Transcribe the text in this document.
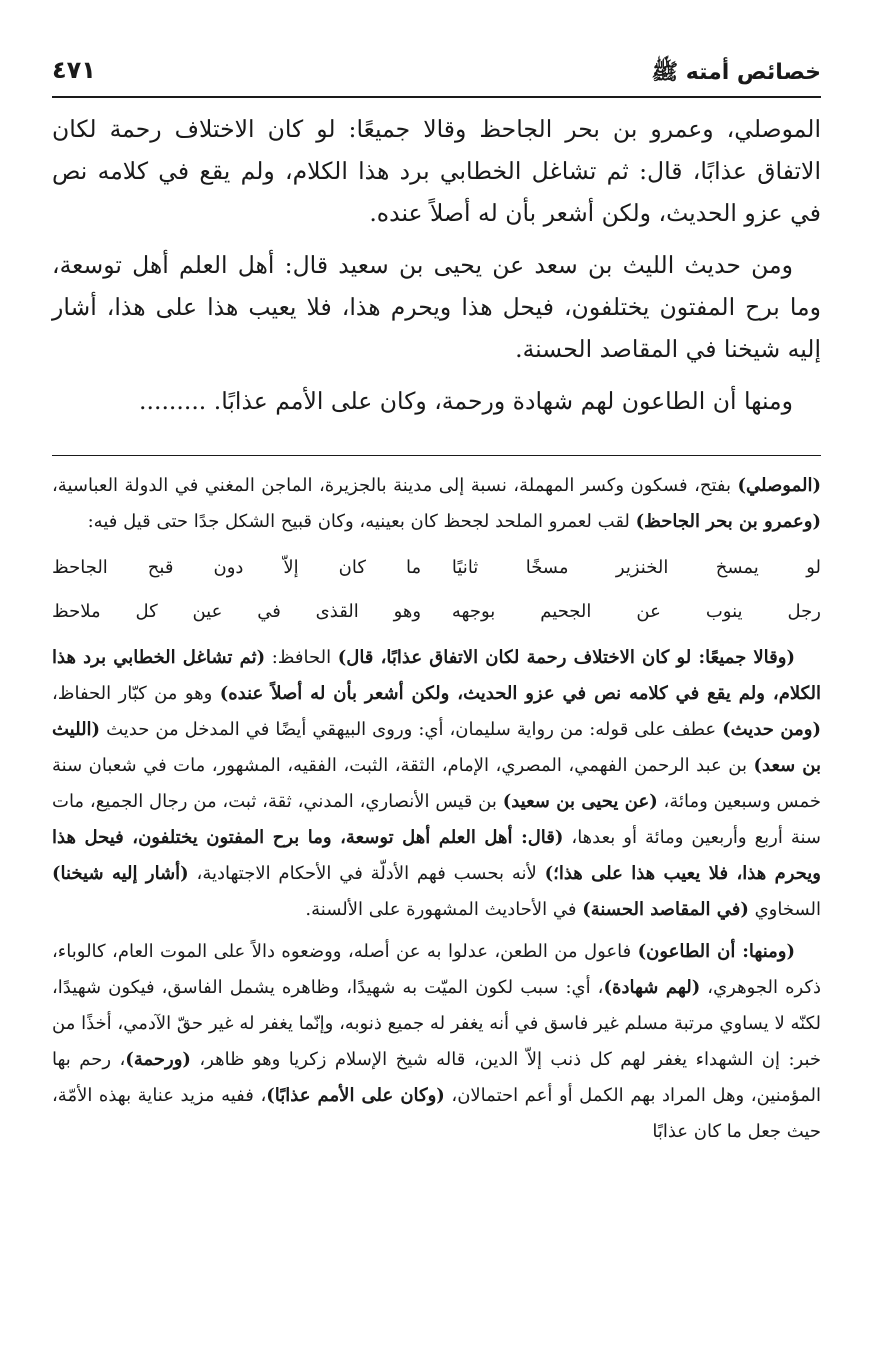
خصائص أمته ﷺ
٤٧١

الموصلي، وعمرو بن بحر الجاحظ وقالا جميعًا: لو كان الاختلاف رحمة لكان الاتفاق عذابًا، قال: ثم تشاغل الخطابي برد هذا الكلام، ولم يقع في كلامه نص في عزو الحديث، ولكن أشعر بأن له أصلاً عنده.

ومن حديث الليث بن سعد عن يحيى بن سعيد قال: أهل العلم أهل توسعة، وما برح المفتون يختلفون، فيحل هذا ويحرم هذا، فلا يعيب هذا على هذا، أشار إليه شيخنا في المقاصد الحسنة.

ومنها أن الطاعون لهم شهادة ورحمة، وكان على الأمم عذابًا. .........

(الموصلي) بفتح، فسكون وكسر المهملة، نسبة إلى مدينة بالجزيرة، الماجن المغني في الدولة العباسية، (وعمرو بن بحر الجاحظ) لقب لعمرو الملحد لجحظ كان بعينيه، وكان قبيح الشكل جدًا حتى قيل فيه:

لو يمسخ الخنزير مسخًا ثانيًا
ما كان إلاّ دون قبح الجاحظ
رجل ينوب عن الجحيم بوجهه
وهو القذى في عين كل ملاحظ

(وقالا جميعًا: لو كان الاختلاف رحمة لكان الاتفاق عذابًا، قال) الحافظ: (ثم تشاغل الخطابي برد هذا الكلام، ولم يقع في كلامه نص في عزو الحديث، ولكن أشعر بأن له أصلاً عنده) وهو من كبّار الحفاظ، (ومن حديث) عطف على قوله: من رواية سليمان، أي: وروى البيهقي أيضًا في المدخل من حديث (الليث بن سعد) بن عبد الرحمن الفهمي، المصري، الإمام، الثقة، الثبت، الفقيه، المشهور، مات في شعبان سنة خمس وسبعين ومائة، (عن يحيى بن سعيد) بن قيس الأنصاري، المدني، ثقة، ثبت، من رجال الجميع، مات سنة أربع وأربعين ومائة أو بعدها، (قال: أهل العلم أهل توسعة، وما برح المفتون يختلفون، فيحل هذا ويحرم هذا، فلا يعيب هذا على هذا؛) لأنه بحسب فهم الأدلّة في الأحكام الاجتهادية، (أشار إليه شيخنا) السخاوي (في المقاصد الحسنة) في الأحاديث المشهورة على الألسنة.

(ومنها: أن الطاعون) فاعول من الطعن، عدلوا به عن أصله، ووضعوه دالاً على الموت العام، كالوباء، ذكره الجوهري، (لهم شهادة)، أي: سبب لكون الميّت به شهيدًا، وظاهره يشمل الفاسق، فيكون شهيدًا، لكنّه لا يساوي مرتبة مسلم غير فاسق في أنه يغفر له جميع ذنوبه، وإنّما يغفر له غير حقّ الآدمي، أخذًا من خبر: إن الشهداء يغفر لهم كل ذنب إلاّ الدين، قاله شيخ الإسلام زكريا وهو ظاهر، (ورحمة)، رحم بها المؤمنين، وهل المراد بهم الكمل أو أعم احتمالان، (وكان على الأمم عذابًا)، ففيه مزيد عناية بهذه الأمّة، حيث جعل ما كان عذابًا
